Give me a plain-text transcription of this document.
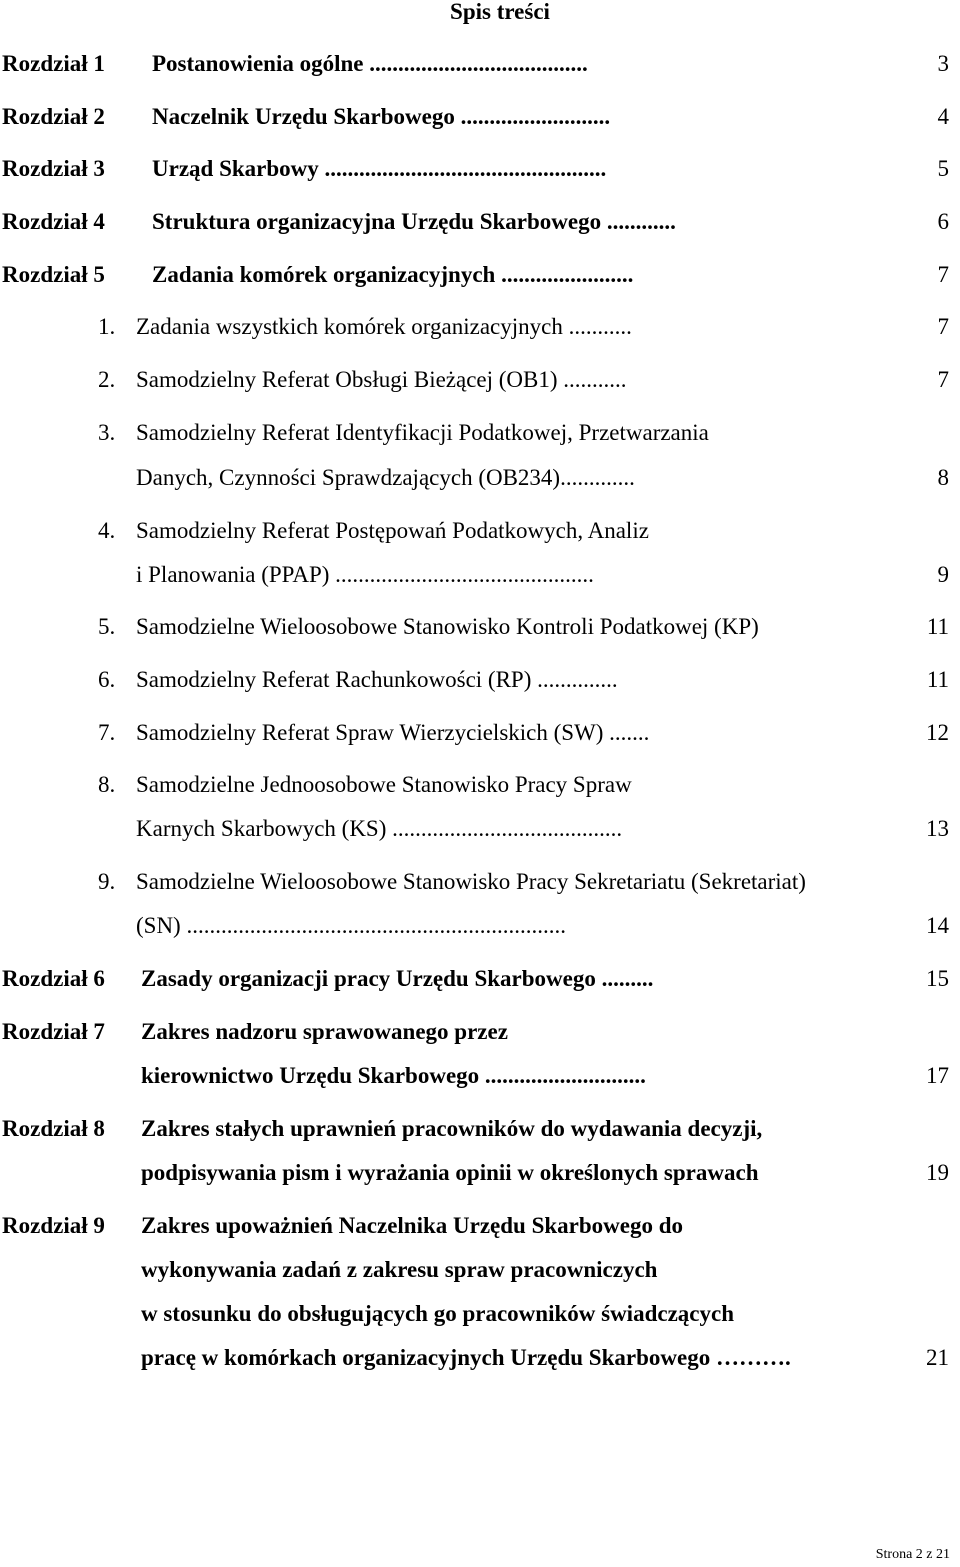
Spis treści
Rozdział 1 Postanowienia ogólne ......................................	3
Rozdział 2 Naczelnik Urzędu Skarbowego ..........................	4
Rozdział 3 Urząd Skarbowy .................................................	5
Rozdział 4 Struktura organizacyjna Urzędu Skarbowego ............	6
Rozdział 5 Zadania komórek organizacyjnych .......................	7
1. Zadania wszystkich komórek organizacyjnych ...........	7
2. Samodzielny Referat Obsługi Bieżącej (OB1) ...........	7
3. Samodzielny Referat Identyfikacji Podatkowej, Przetwarzania
Danych, Czynności Sprawdzających (OB234).............	8
4. Samodzielny Referat Postępowań Podatkowych, Analiz
i Planowania (PPAP) .............................................	9
5. Samodzielne Wieloosobowe Stanowisko Kontroli Podatkowej (KP)	11
6. Samodzielny Referat Rachunkowości (RP) ..............	11
7. Samodzielny Referat Spraw Wierzycielskich (SW) .......	12
8. Samodzielne Jednoosobowe Stanowisko Pracy Spraw
Karnych Skarbowych (KS) ........................................	13
9. Samodzielne Wieloosobowe Stanowisko Pracy Sekretariatu (Sekretariat)
(SN) ..................................................................	14
Rozdział 6 Zasady organizacji pracy Urzędu Skarbowego .........	15
Rozdział 7 Zakres nadzoru sprawowanego przez
kierownictwo Urzędu Skarbowego ............................	17
Rozdział 8 Zakres stałych uprawnień pracowników do wydawania decyzji,
podpisywania pism i wyrażania opinii w określonych sprawach	19
Rozdział 9 Zakres upoważnień Naczelnika Urzędu Skarbowego do
wykonywania zadań z zakresu spraw pracowniczych
w stosunku do obsługujących go pracowników świadczących
pracę w komórkach organizacyjnych Urzędu Skarbowego ……….	21
Strona 2 z 21
